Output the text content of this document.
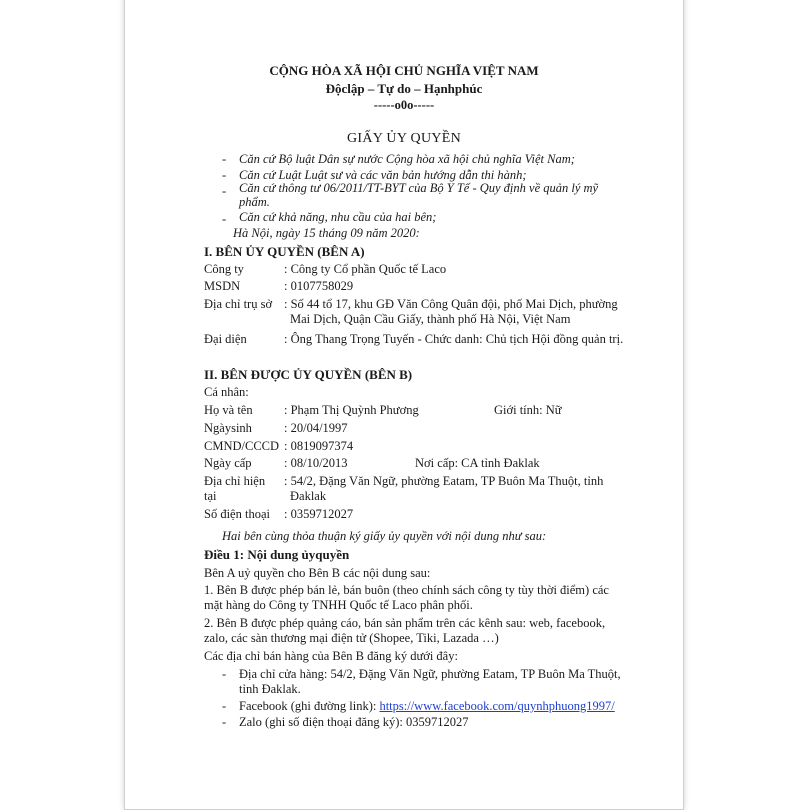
CỘNG HÒA XÃ HỘI CHỦ NGHĨA VIỆT NAM
Độclập – Tự do – Hạnhphúc
-----o0o-----
GIẤY ỦY QUYỀN
- Căn cứ Bộ luật Dân sự nước Cộng hòa xã hội chủ nghĩa Việt Nam;
- Căn cứ Luật Luật sư và các văn bản hướng dẫn thi hành;
- Căn cứ thông tư 06/2011/TT-BYT của Bộ Y Tế - Quy định về quản lý mỹ
phẩm.
- Căn cứ khả năng, nhu cầu của hai bên;
Hà Nội, ngày 15 tháng 09 năm 2020:
I. BÊN ỦY QUYỀN (BÊN A)
Công ty	: Công ty Cổ phần Quốc tế Laco
MSDN	: 0107758029
Địa chỉ trụ sở : Số 44 tổ 17, khu GĐ Văn Công Quân đội, phố Mai Dịch, phường
Mai Dịch, Quận Cầu Giấy, thành phố Hà Nội, Việt Nam
Đại diện	: Ông Thang Trọng Tuyến - Chức danh: Chủ tịch Hội đồng quản trị.
II. BÊN ĐƯỢC ỦY QUYỀN (BÊN B)
Cá nhân:
Họ và tên	: Phạm Thị Quỳnh Phương	Giới tính: Nữ
Ngàysinh	: 20/04/1997
CMND/CCCD : 0819097374
Ngày cấp	: 08/10/2013	Nơi cấp: CA tỉnh Đaklak
Địa chỉ hiện
tại
: 54/2, Đặng Văn Ngữ, phường Eatam, TP Buôn Ma Thuột, tỉnh
Đaklak
Số điện thoại : 0359712027
Hai bên cùng thỏa thuận ký giấy ủy quyền với nội dung như sau:
Điều 1: Nội dung ủyquyền
Bên A uỷ quyền cho Bên B các nội dung sau:
1. Bên B được phép bán lẻ, bán buôn (theo chính sách công ty tùy thời điểm) các
mặt hàng do Công ty TNHH Quốc tế Laco phân phối.
2. Bên B được phép quảng cáo, bán sản phẩm trên các kênh sau: web, facebook,
zalo, các sàn thương mại điện tử (Shopee, Tiki, Lazada …)
Các địa chỉ bán hàng của Bên B đăng ký dưới đây:
- Địa chỉ cửa hàng: 54/2, Đặng Văn Ngữ, phường Eatam, TP Buôn Ma Thuột,
tỉnh Đaklak.
- Facebook (ghi đường link): https://www.facebook.com/quynhphuong1997/
- Zalo (ghi số điện thoại đăng ký): 0359712027
